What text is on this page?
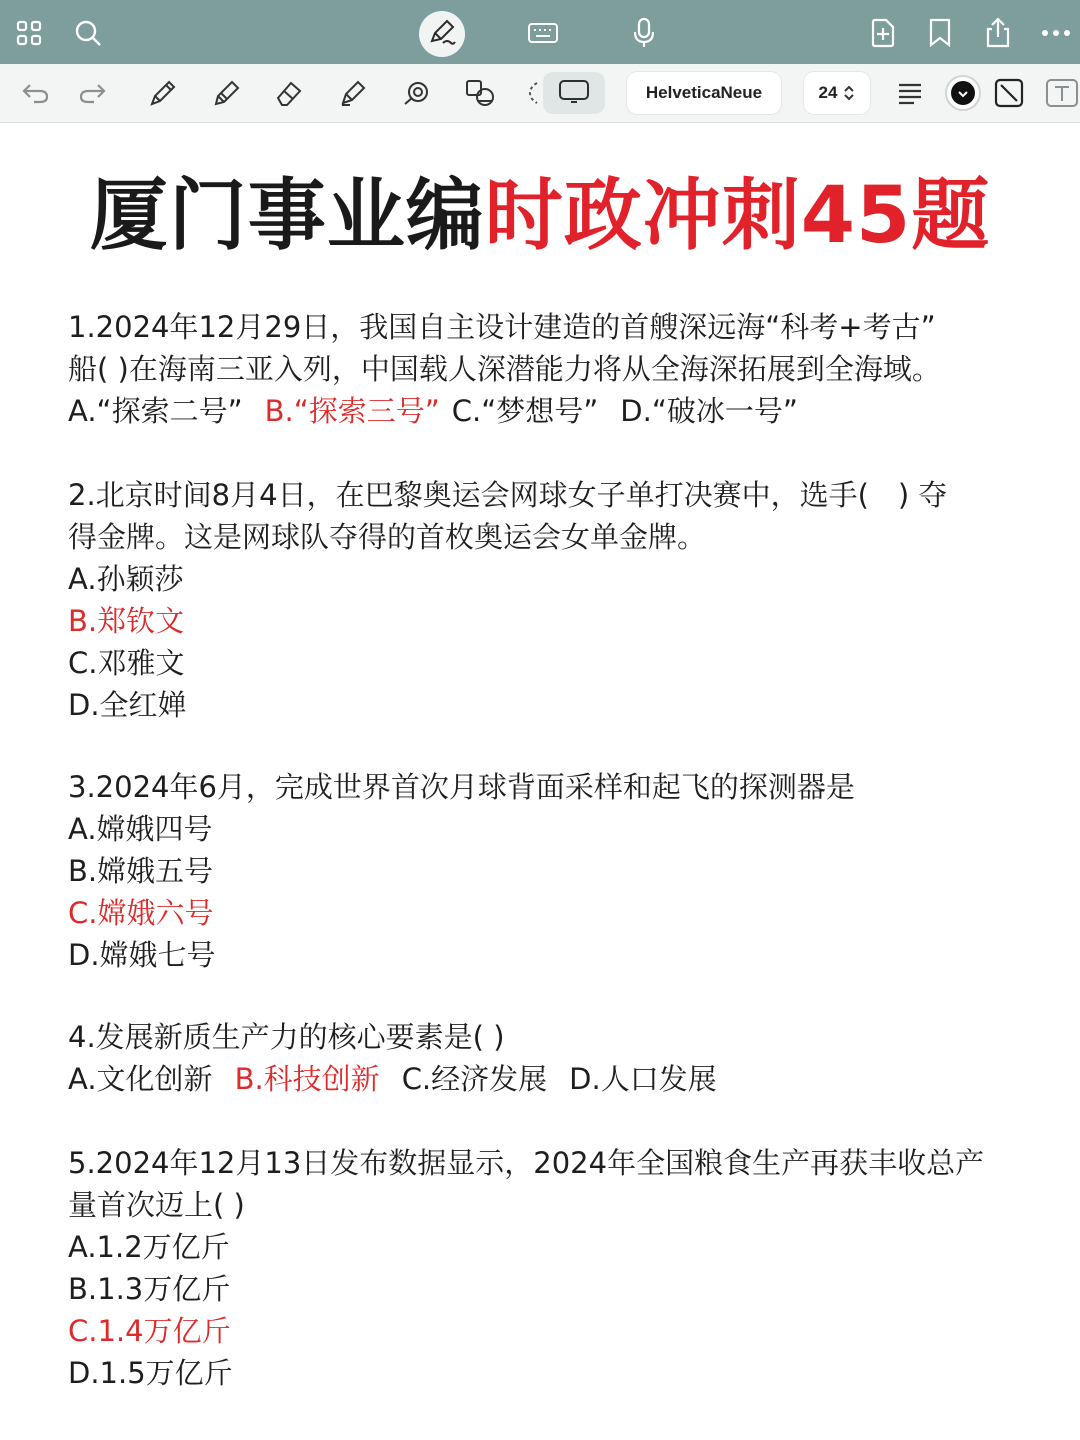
HelveticaNeue	24
厦门事业编时政冲刺45题

1.2024年12月29日，我国自主设计建造的首艘深远海“科考+考古”

船( )在海南三亚入列，中国载人深潜能力将从全海深拓展到全海域。

A.“探索二号” B.“探索三号” C.“梦想号” D.“破冰一号”

2.北京时间8月4日，在巴黎奥运会网球女子单打决赛中，选手(　) 夺

得金牌。这是网球队夺得的首枚奥运会女单金牌。

A.孙颖莎

B.郑钦文

C.邓雅文

D.全红婵

3.2024年6月，完成世界首次月球背面采样和起飞的探测器是

A.嫦娥四号

B.嫦娥五号

C.嫦娥六号

D.嫦娥七号

4.发展新质生产力的核心要素是( )

A.文化创新 B.科技创新 C.经济发展 D.人口发展

5.2024年12月13日发布数据显示，2024年全国粮食生产再获丰收总产

量首次迈上( )

A.1.2万亿斤

B.1.3万亿斤

C.1.4万亿斤

D.1.5万亿斤
